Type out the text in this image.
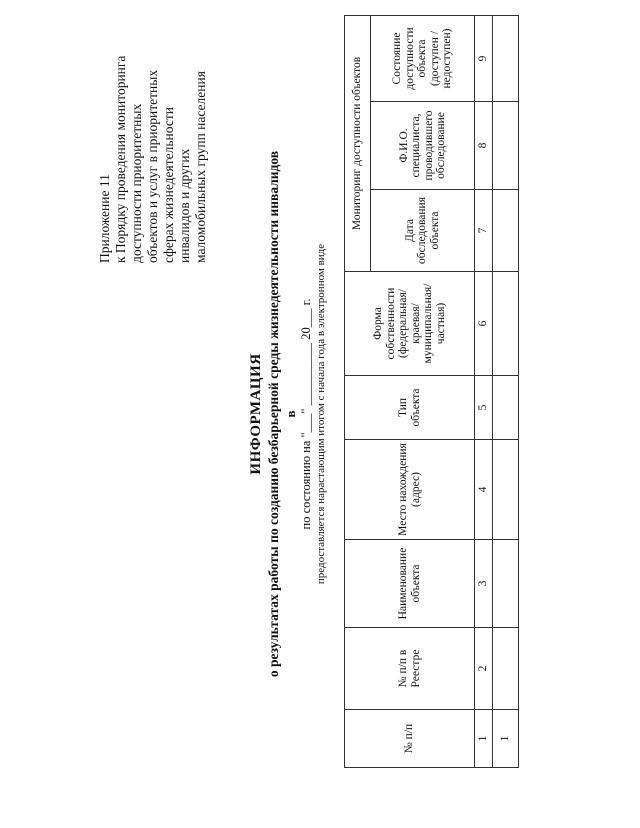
Приложение 11 к Порядку проведения мониторинга доступности приоритетных объектов и услуг в приоритетных сферах жизнедеятельности инвалидов и других маломобильных групп населения
ИНФОРМАЦИЯ о результатах работы по созданию безбарьерной среды жизнедеятельности инвалидов в по состоянию на "___" __________ 20___ г. предоставляется нарастающим итогом с начала года в электронном виде
№ п/п	№ п/п в Реестре	Наименование объекта	Место нахождения (адрес)	Тип объекта	Форма собственности (федеральная/ краевая/ муниципальная/ частная)	Мониторинг доступности объектов		
						Дата обследования объекта	Ф.И.О. специалиста, проводившего обследование	Состояние доступности объекта (доступен / недоступен)
1	2	3	4	5	6	7	8	9
1								
